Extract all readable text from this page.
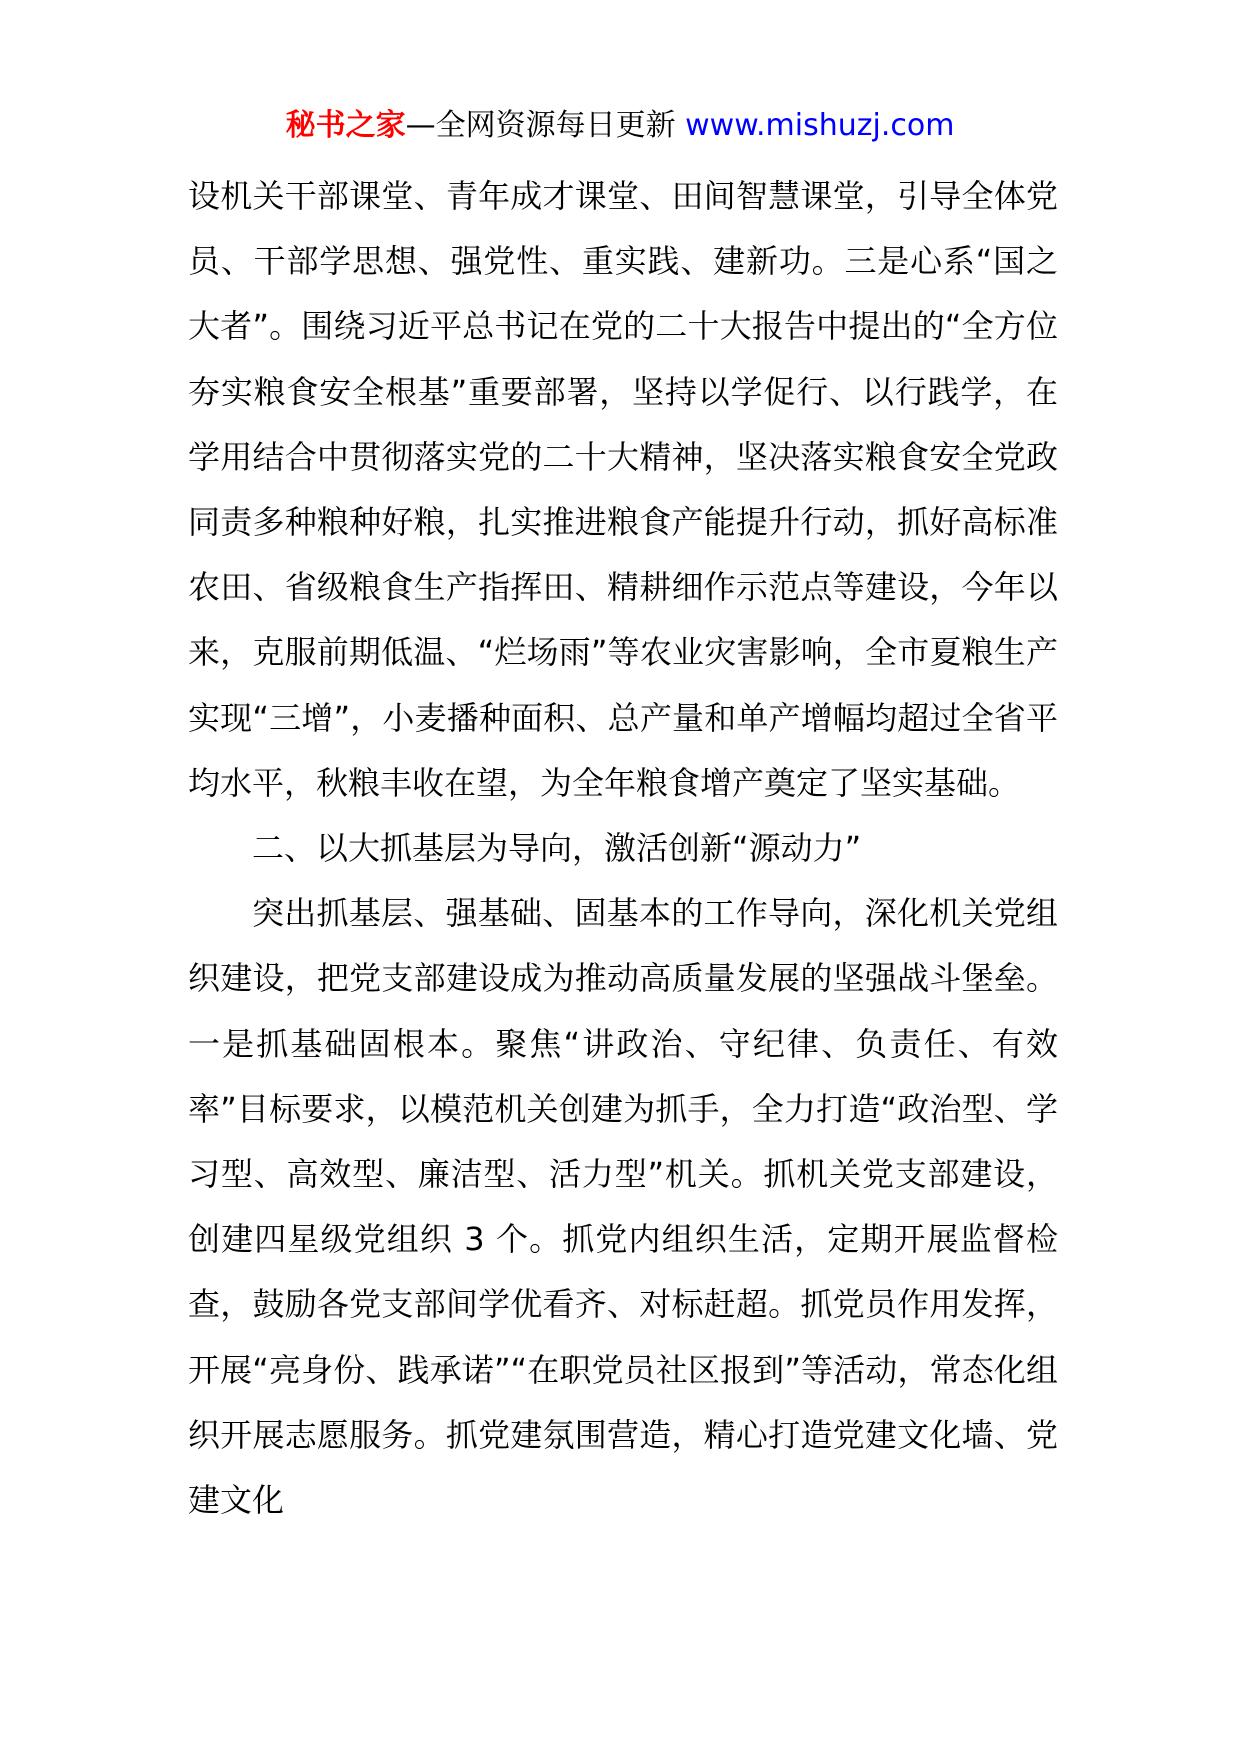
秘书之家—全网资源每日更新 www.mishuzj.com

设机关干部课堂、青年成才课堂、田间智慧课堂，引导全体党员、干部学思想、强党性、重实践、建新功。三是心系“国之大者”。围绕习近平总书记在党的二十大报告中提出的“全方位夯实粮食安全根基”重要部署，坚持以学促行、以行践学，在学用结合中贯彻落实党的二十大精神，坚决落实粮食安全党政同责多种粮种好粮，扎实推进粮食产能提升行动，抓好高标准农田、省级粮食生产指挥田、精耕细作示范点等建设，今年以来，克服前期低温、“烂场雨”等农业灾害影响，全市夏粮生产实现“三增”，小麦播种面积、总产量和单产增幅均超过全省平均水平，秋粮丰收在望，为全年粮食增产奠定了坚实基础。

二、以大抓基层为导向，激活创新“源动力”

突出抓基层、强基础、固基本的工作导向，深化机关党组织建设，把党支部建设成为推动高质量发展的坚强战斗堡垒。一是抓基础固根本。聚焦“讲政治、守纪律、负责任、有效率”目标要求，以模范机关创建为抓手，全力打造“政治型、学习型、高效型、廉洁型、活力型”机关。抓机关党支部建设，创建四星级党组织 3 个。抓党内组织生活，定期开展监督检查，鼓励各党支部间学优看齐、对标赶超。抓党员作用发挥，开展“亮身份、践承诺”“在职党员社区报到”等活动，常态化组织开展志愿服务。抓党建氛围营造，精心打造党建文化墙、党建文化
